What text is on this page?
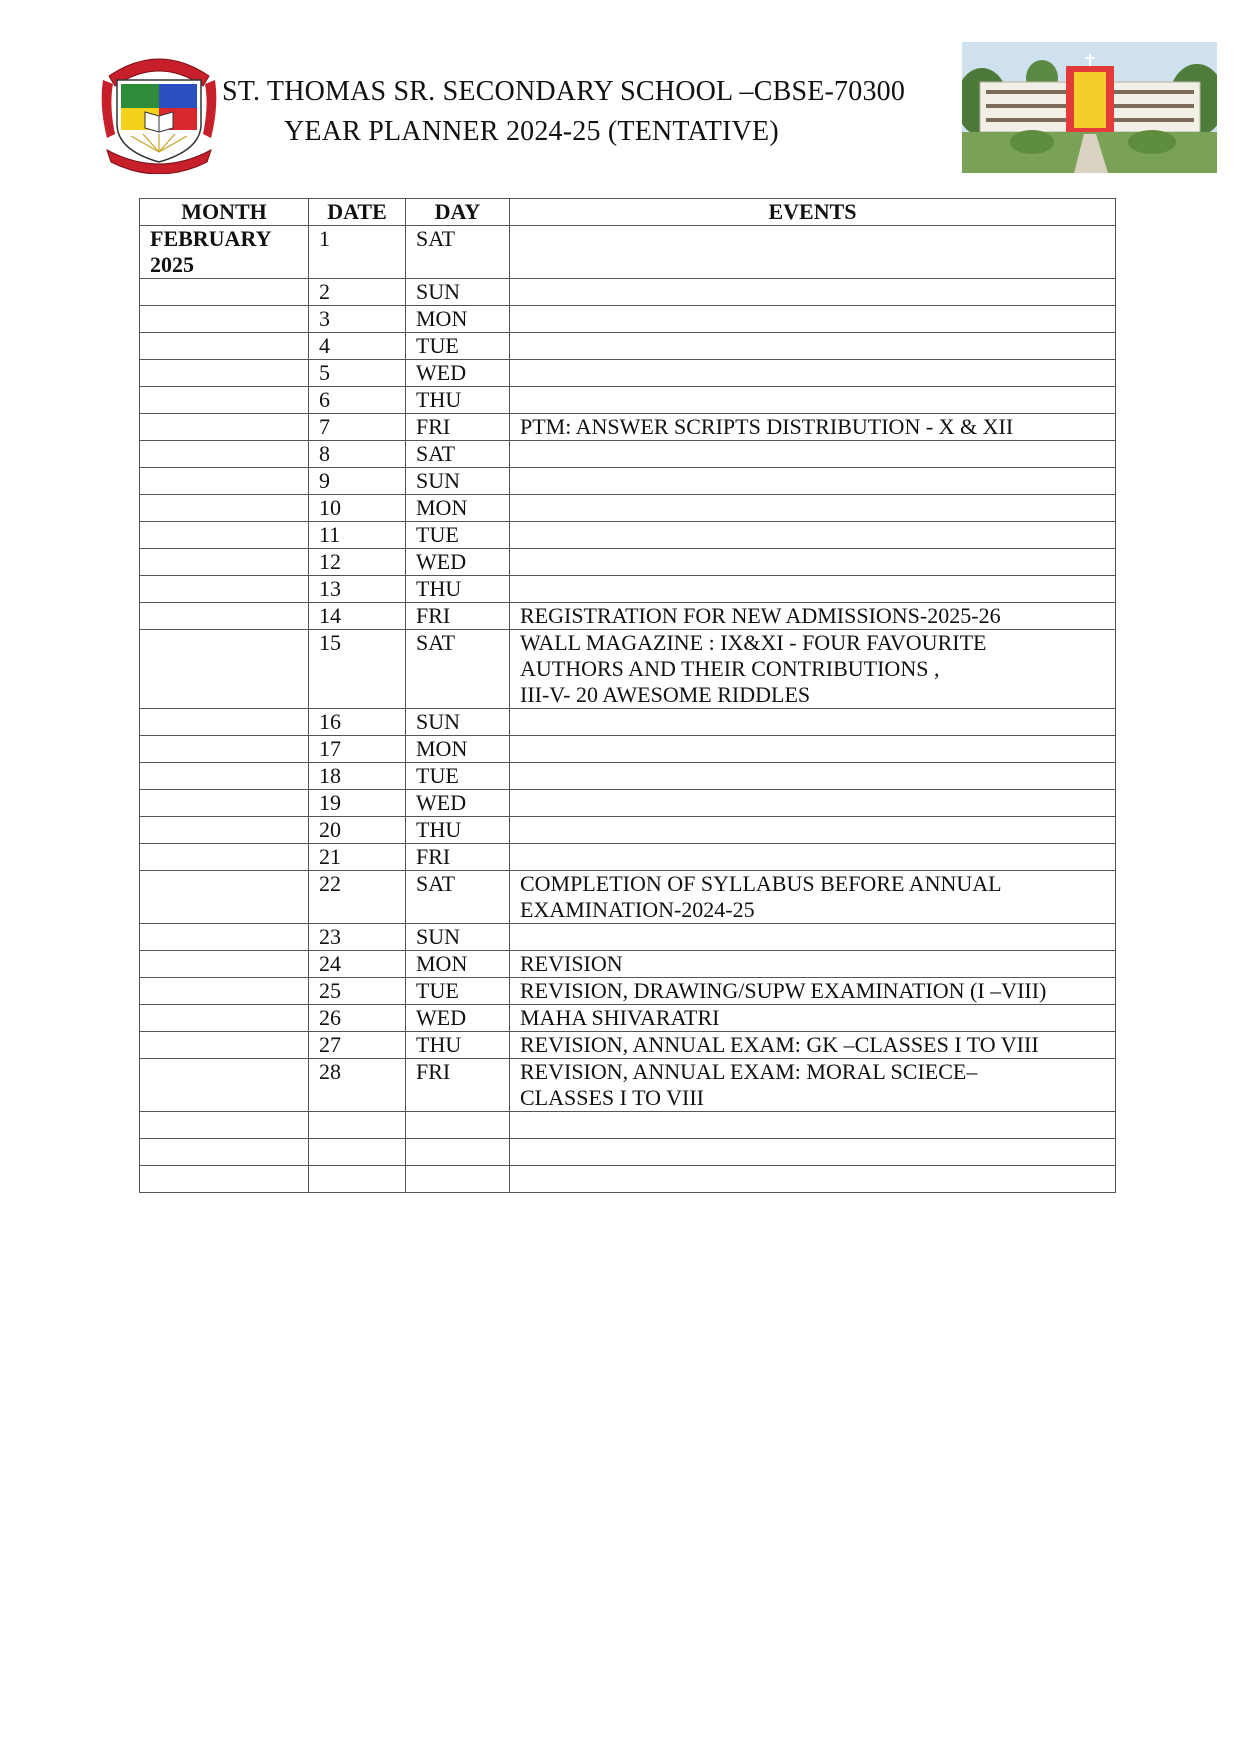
ST. THOMAS SR. SECONDARY SCHOOL –CBSE-70300
YEAR PLANNER 2024-25 (TENTATIVE)
MONTH	DATE	DAY	EVENTS
FEBRUARY
2025	1	SAT	
	2	SUN	
	3	MON	
	4	TUE	
	5	WED	
	6	THU	
	7	FRI	PTM: ANSWER SCRIPTS DISTRIBUTION - X & XII
	8	SAT	
	9	SUN	
	10	MON	
	11	TUE	
	12	WED	
	13	THU	
	14	FRI	REGISTRATION FOR NEW ADMISSIONS-2025-26
	15	SAT	WALL MAGAZINE : IX&XI - FOUR FAVOURITE
AUTHORS AND THEIR CONTRIBUTIONS ,
III-V- 20 AWESOME RIDDLES
	16	SUN	
	17	MON	
	18	TUE	
	19	WED	
	20	THU	
	21	FRI	
	22	SAT	COMPLETION OF SYLLABUS BEFORE ANNUAL
EXAMINATION-2024-25
	23	SUN	
	24	MON	REVISION
	25	TUE	REVISION, DRAWING/SUPW EXAMINATION (I –VIII)
	26	WED	MAHA SHIVARATRI
	27	THU	REVISION, ANNUAL EXAM: GK –CLASSES I TO VIII
	28	FRI	REVISION, ANNUAL EXAM: MORAL SCIECE–
CLASSES I TO VIII
